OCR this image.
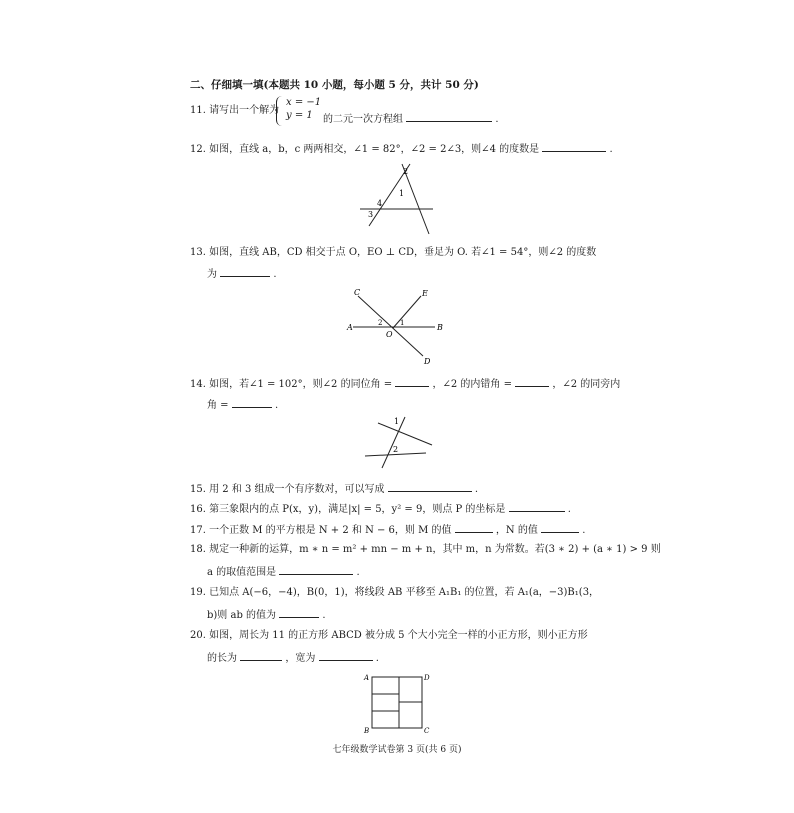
二、仔细填一填(本题共 10 小题，每小题 5 分，共计 50 分)
11. 请写出一个解为
x = −1
y = 1	的二元一次方程组	.
12. 如图，直线 a，b，c 两两相交，∠1 = 82°，∠2 = 2∠3，则∠4 的度数是	.
2
1
4
3
13. 如图，直线 AB，CD 相交于点 O，EO ⊥ CD，垂足为 O. 若∠1 = 54°，则∠2 的度数
为	.
C	E
A	B
O
D
2	1
14. 如图，若∠1 = 102°，则∠2 的同位角 =	，∠2 的内错角 =	，∠2 的同旁内
角 =	.
1
2
15. 用 2 和 3 组成一个有序数对，可以写成	.
16. 第三象限内的点 P(x，y)，满足|x| = 5，y² = 9，则点 P 的坐标是	.
17. 一个正数 M 的平方根是 N + 2 和 N − 6，则 M 的值	，N 的值	.
18. 规定一种新的运算，m ∗ n = m² + mn − m + n，其中 m，n 为常数。若(3 ∗ 2) + (a ∗ 1) > 9 则
a 的取值范围是	.
19. 已知点 A(−6，−4)，B(0，1)，将线段 AB 平移至 A₁B₁ 的位置，若 A₁(a，−3)B₁(3，
b)则 ab 的值为	.
20. 如图，周长为 11 的正方形 ABCD 被分成 5 个大小完全一样的小正方形，则小正方形
的长为	，宽为	.
A	D
B	C
七年级数学试卷第 3 页(共 6 页)
